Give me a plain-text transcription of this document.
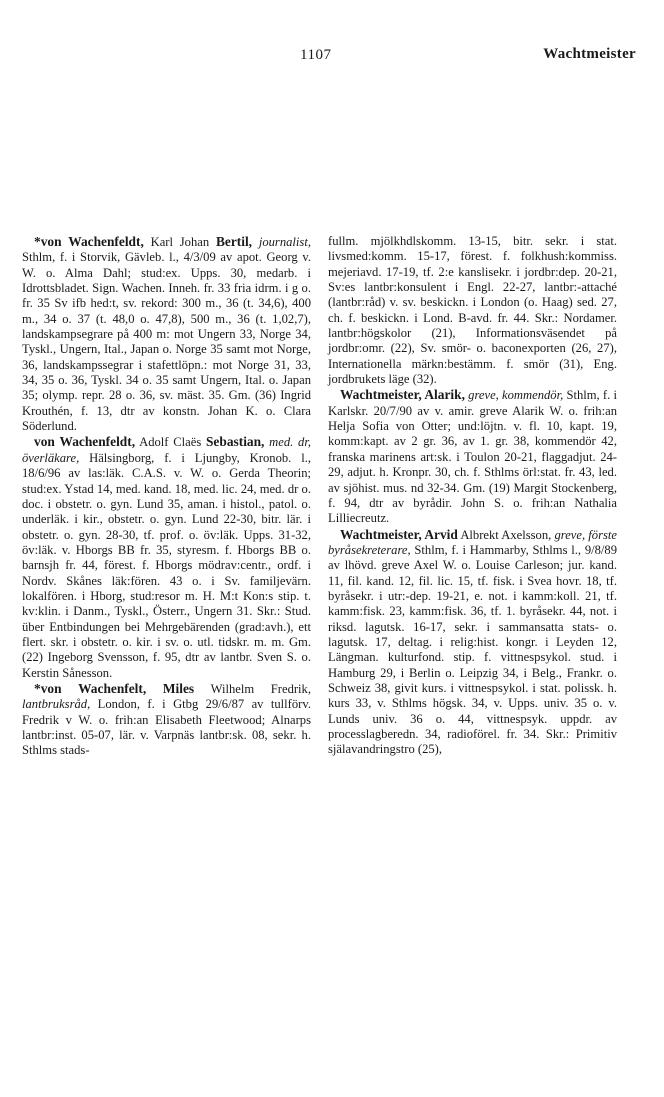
1107	Wachtmeister

*von Wachenfeldt, Karl Johan Bertil, journalist, Sthlm, f. i Storvik, Gävleb. l., 4/3/09 av apot. Georg v. W. o. Alma Dahl; stud:ex. Upps. 30, medarb. i Idrottsbladet. Sign. Wachen. Inneh. fr. 33 fria idrm. i g o. fr. 35 Sv ifb hed:t, sv. rekord: 300 m., 36 (t. 34,6), 400 m., 34 o. 37 (t. 48,0 o. 47,8), 500 m., 36 (t. 1,02,7), landskampsegrare på 400 m: mot Ungern 33, Norge 34, Tyskl., Ungern, Ital., Japan o. Norge 35 samt mot Norge, 36, landskampssegrar i stafettlöpn.: mot Norge 31, 33, 34, 35 o. 36, Tyskl. 34 o. 35 samt Ungern, Ital. o. Japan 35; olymp. repr. 28 o. 36, sv. mäst. 35. Gm. (36) Ingrid Krouthén, f. 13, dtr av konstn. Johan K. o. Clara Söderlund.

von Wachenfeldt, Adolf Claës Sebastian, med. dr, överläkare, Hälsingborg, f. i Ljungby, Kronob. l., 18/6/96 av las:läk. C.A.S. v. W. o. Gerda Theorin; stud:ex. Ystad 14, med. kand. 18, med. lic. 24, med. dr o. doc. i obstetr. o. gyn. Lund 35, aman. i histol., patol. o. underläk. i kir., obstetr. o. gyn. Lund 22-30, bitr. lär. i obstetr. o. gyn. 28-30, tf. prof. o. öv:läk. Upps. 31-32, öv:läk. v. Hborgs BB fr. 35, styresm. f. Hborgs BB o. barnsjh fr. 44, förest. f. Hborgs mödrav:centr., ordf. i Nordv. Skånes läk:fören. 43 o. i Sv. familjevärn. lokalfören. i Hborg, stud:resor m. H. M:t Kon:s stip. t. kv:klin. i Danm., Tyskl., Österr., Ungern 31. Skr.: Stud. über Entbindungen bei Mehrgebärenden (grad:avh.), ett flert. skr. i obstetr. o. kir. i sv. o. utl. tidskr. m. m. Gm. (22) Ingeborg Svensson, f. 95, dtr av lantbr. Sven S. o. Kerstin Sånesson.

*von Wachenfelt, Miles Wilhelm Fredrik, lantbruksråd, London, f. i Gtbg 29/6/87 av tullförv. Fredrik v W. o. frih:an Elisabeth Fleetwood; Alnarps lantbr:inst. 05-07, lär. v. Varpnäs lantbr:sk. 08, sekr. h. Sthlms stads-

fullm. mjölkhdlskomm. 13-15, bitr. sekr. i stat. livsmed:komm. 15-17, förest. f. folkhush:kommiss. mejeriavd. 17-19, tf. 2:e kanslisekr. i jordbr:dep. 20-21, Sv:es lantbr:konsulent i Engl. 22-27, lantbr:-attaché (lantbr:råd) v. sv. beskickn. i London (o. Haag) sed. 27, ch. f. beskickn. i Lond. B-avd. fr. 44. Skr.: Nordamer. lantbr:högskolor (21), Informationsväsendet på jordbr:omr. (22), Sv. smör- o. baconexporten (26, 27), Internationella märkn:bestämm. f. smör (31), Eng. jordbrukets läge (32).

Wachtmeister, Alarik, greve, kommendör, Sthlm, f. i Karlskr. 20/7/90 av v. amir. greve Alarik W. o. frih:an Helja Sofia von Otter; und:löjtn. v. fl. 10, kapt. 19, komm:kapt. av 2 gr. 36, av 1. gr. 38, kommendör 42, franska marinens art:sk. i Toulon 20-21, flaggadjut. 24-29, adjut. h. Kronpr. 30, ch. f. Sthlms örl:stat. fr. 43, led. av sjöhist. mus. nd 32-34. Gm. (19) Margit Stockenberg, f. 94, dtr av byrådir. John S. o. frih:an Nathalia Lilliecreutz.

Wachtmeister, Arvid Albrekt Axelsson, greve, förste byråsekreterare, Sthlm, f. i Hammarby, Sthlms l., 9/8/89 av lhövd. greve Axel W. o. Louise Carleson; jur. kand. 11, fil. kand. 12, fil. lic. 15, tf. fisk. i Svea hovr. 18, tf. byråsekr. i utr:-dep. 19-21, e. not. i kamm:koll. 21, tf. kamm:fisk. 23, kamm:fisk. 36, tf. 1. byråsekr. 44, not. i riksd. lagutsk. 16-17, sekr. i sammansatta stats- o. lagutsk. 17, deltag. i relig:hist. kongr. i Leyden 12, Längman. kulturfond. stip. f. vittnespsykol. stud. i Hamburg 29, i Berlin o. Leipzig 34, i Belg., Frankr. o. Schweiz 38, givit kurs. i vittnespsykol. i stat. polissk. h. kurs 33, v. Sthlms högsk. 34, v. Upps. univ. 35 o. v. Lunds univ. 36 o. 44, vittnespsyk. uppdr. av processlagberedn. 34, radioförel. fr. 34. Skr.: Primitiv själavandringstro (25),
